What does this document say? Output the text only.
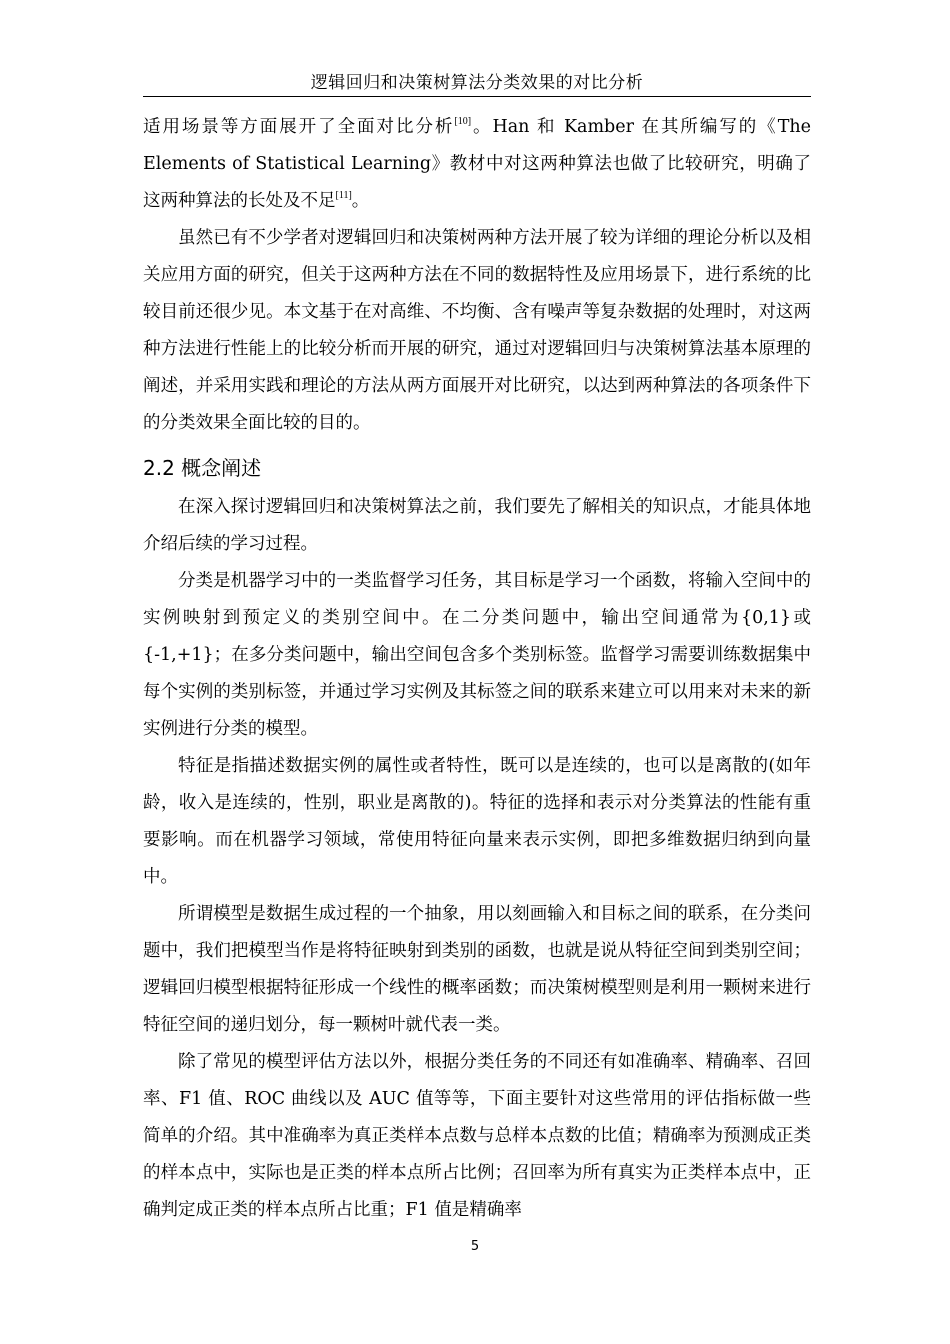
逻辑回归和决策树算法分类效果的对比分析

适用场景等方面展开了全面对比分析[10]。Han 和 Kamber 在其所编写的《The Elements of Statistical Learning》教材中对这两种算法也做了比较研究，明确了这两种算法的长处及不足[11]。

虽然已有不少学者对逻辑回归和决策树两种方法开展了较为详细的理论分析以及相关应用方面的研究，但关于这两种方法在不同的数据特性及应用场景下，进行系统的比较目前还很少见。本文基于在对高维、不均衡、含有噪声等复杂数据的处理时，对这两种方法进行性能上的比较分析而开展的研究，通过对逻辑回归与决策树算法基本原理的阐述，并采用实践和理论的方法从两方面展开对比研究，以达到两种算法的各项条件下的分类效果全面比较的目的。

2.2 概念阐述

在深入探讨逻辑回归和决策树算法之前，我们要先了解相关的知识点，才能具体地介绍后续的学习过程。

分类是机器学习中的一类监督学习任务，其目标是学习一个函数，将输入空间中的实例映射到预定义的类别空间中。在二分类问题中，输出空间通常为{0,1}或{-1,+1}；在多分类问题中，输出空间包含多个类别标签。监督学习需要训练数据集中每个实例的类别标签，并通过学习实例及其标签之间的联系来建立可以用来对未来的新实例进行分类的模型。

特征是指描述数据实例的属性或者特性，既可以是连续的，也可以是离散的(如年龄，收入是连续的，性别，职业是离散的)。特征的选择和表示对分类算法的性能有重要影响。而在机器学习领域，常使用特征向量来表示实例，即把多维数据归纳到向量中。

所谓模型是数据生成过程的一个抽象，用以刻画输入和目标之间的联系，在分类问题中，我们把模型当作是将特征映射到类别的函数，也就是说从特征空间到类别空间；逻辑回归模型根据特征形成一个线性的概率函数；而决策树模型则是利用一颗树来进行特征空间的递归划分，每一颗树叶就代表一类。

除了常见的模型评估方法以外，根据分类任务的不同还有如准确率、精确率、召回率、F1 值、ROC 曲线以及 AUC 值等等，下面主要针对这些常用的评估指标做一些简单的介绍。其中准确率为真正类样本点数与总样本点数的比值；精确率为预测成正类的样本点中，实际也是正类的样本点所占比例；召回率为所有真实为正类样本点中，正确判定成正类的样本点所占比重；F1 值是精确率

5
